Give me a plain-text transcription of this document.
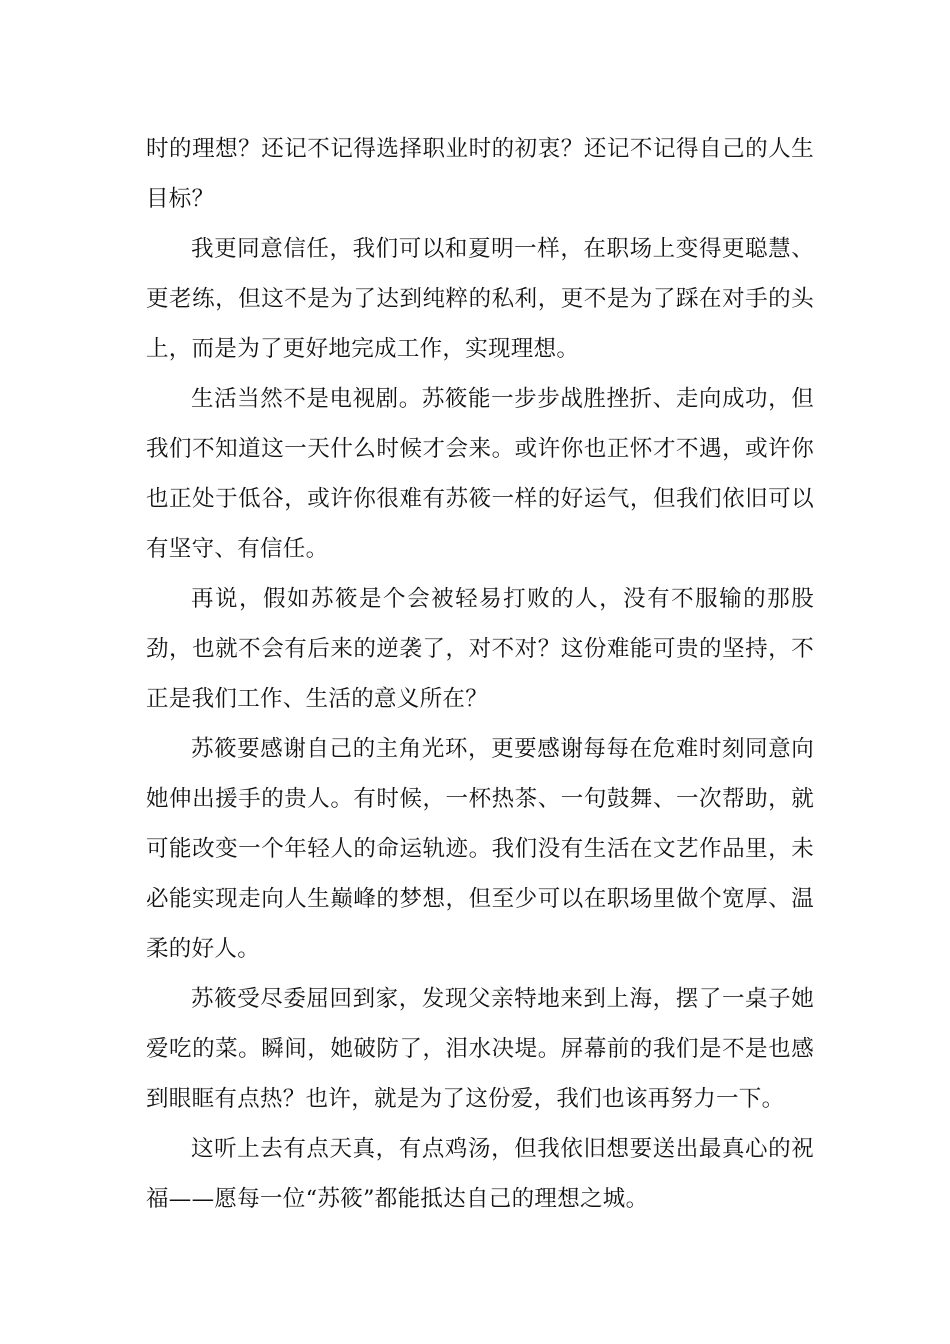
时的理想？还记不记得选择职业时的初衷？还记不记得自己的人生目标？

我更同意信任，我们可以和夏明一样，在职场上变得更聪慧、更老练，但这不是为了达到纯粹的私利，更不是为了踩在对手的头上，而是为了更好地完成工作，实现理想。

生活当然不是电视剧。苏筱能一步步战胜挫折、走向成功，但我们不知道这一天什么时候才会来。或许你也正怀才不遇，或许你也正处于低谷，或许你很难有苏筱一样的好运气，但我们依旧可以有坚守、有信任。

再说，假如苏筱是个会被轻易打败的人，没有不服输的那股劲，也就不会有后来的逆袭了，对不对？这份难能可贵的坚持，不正是我们工作、生活的意义所在？

苏筱要感谢自己的主角光环，更要感谢每每在危难时刻同意向她伸出援手的贵人。有时候，一杯热茶、一句鼓舞、一次帮助，就可能改变一个年轻人的命运轨迹。我们没有生活在文艺作品里，未必能实现走向人生巅峰的梦想，但至少可以在职场里做个宽厚、温柔的好人。

苏筱受尽委屈回到家，发现父亲特地来到上海，摆了一桌子她爱吃的菜。瞬间，她破防了，泪水决堤。屏幕前的我们是不是也感到眼眶有点热？也许，就是为了这份爱，我们也该再努力一下。

这听上去有点天真，有点鸡汤，但我依旧想要送出最真心的祝福——愿每一位“苏筱”都能抵达自己的理想之城。
